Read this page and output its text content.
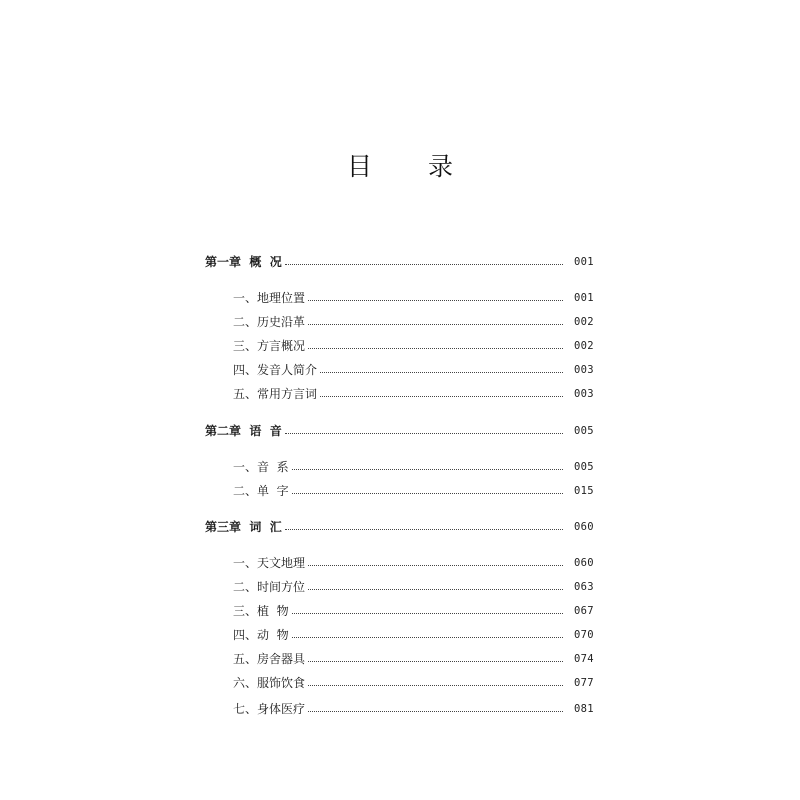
目 录
第一章  概  况	001
一、地理位置	001
二、历史沿革	002
三、方言概况	002
四、发音人简介	003
五、常用方言词	003
第二章  语  音	005
一、音  系	005
二、单  字	015
第三章  词  汇	060
一、天文地理	060
二、时间方位	063
三、植  物	067
四、动  物	070
五、房舍器具	074
六、服饰饮食	077
七、身体医疗	081
